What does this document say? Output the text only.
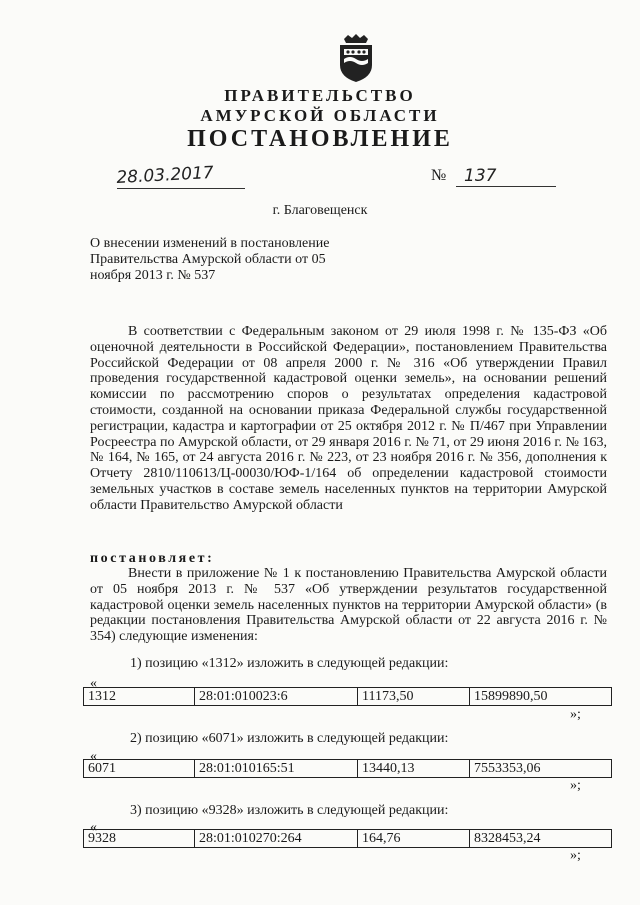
ПРАВИТЕЛЬСТВО
АМУРСКОЙ ОБЛАСТИ
ПОСТАНОВЛЕНИЕ
28.03.2017	№ 137
г. Благовещенск
О внесении изменений в постановление Правительства Амурской области от 05 ноября 2013 г. № 537
В соответствии с Федеральным законом от 29 июля 1998 г. № 135-ФЗ «Об оценочной деятельности в Российской Федерации», постановлением Правительства Российской Федерации от 08 апреля 2000 г. № 316 «Об утверждении Правил проведения государственной кадастровой оценки земель», на основании решений комиссии по рассмотрению споров о результатах определения кадастровой стоимости, созданной на основании приказа Федеральной службы государственной регистрации, кадастра и картографии от 25 октября 2012 г. № П/467 при Управлении Росреестра по Амурской области, от 29 января 2016 г. № 71, от 29 июня 2016 г. № 163, № 164, № 165, от 24 августа 2016 г. № 223, от 23 ноября 2016 г. № 356, дополнения к Отчету 2810/110613/Ц-00030/ЮФ-1/164 об определении кадастровой стоимости земельных участков в составе земель населенных пунктов на территории Амурской области Правительство Амурской области
постановляет:
Внести в приложение № 1 к постановлению Правительства Амурской области от 05 ноября 2013 г. № 537 «Об утверждении результатов государственной кадастровой оценки земель населенных пунктов на территории Амурской области» (в редакции постановления Правительства Амурской области от 22 августа 2016 г. № 354) следующие изменения:
1) позицию «1312» изложить в следующей редакции:
«
1312	28:01:010023:6	11173,50	15899890,50
»;
2) позицию «6071» изложить в следующей редакции:
«
6071	28:01:010165:51	13440,13	7553353,06
»;
3) позицию «9328» изложить в следующей редакции:
«
9328	28:01:010270:264	164,76	8328453,24
»;
